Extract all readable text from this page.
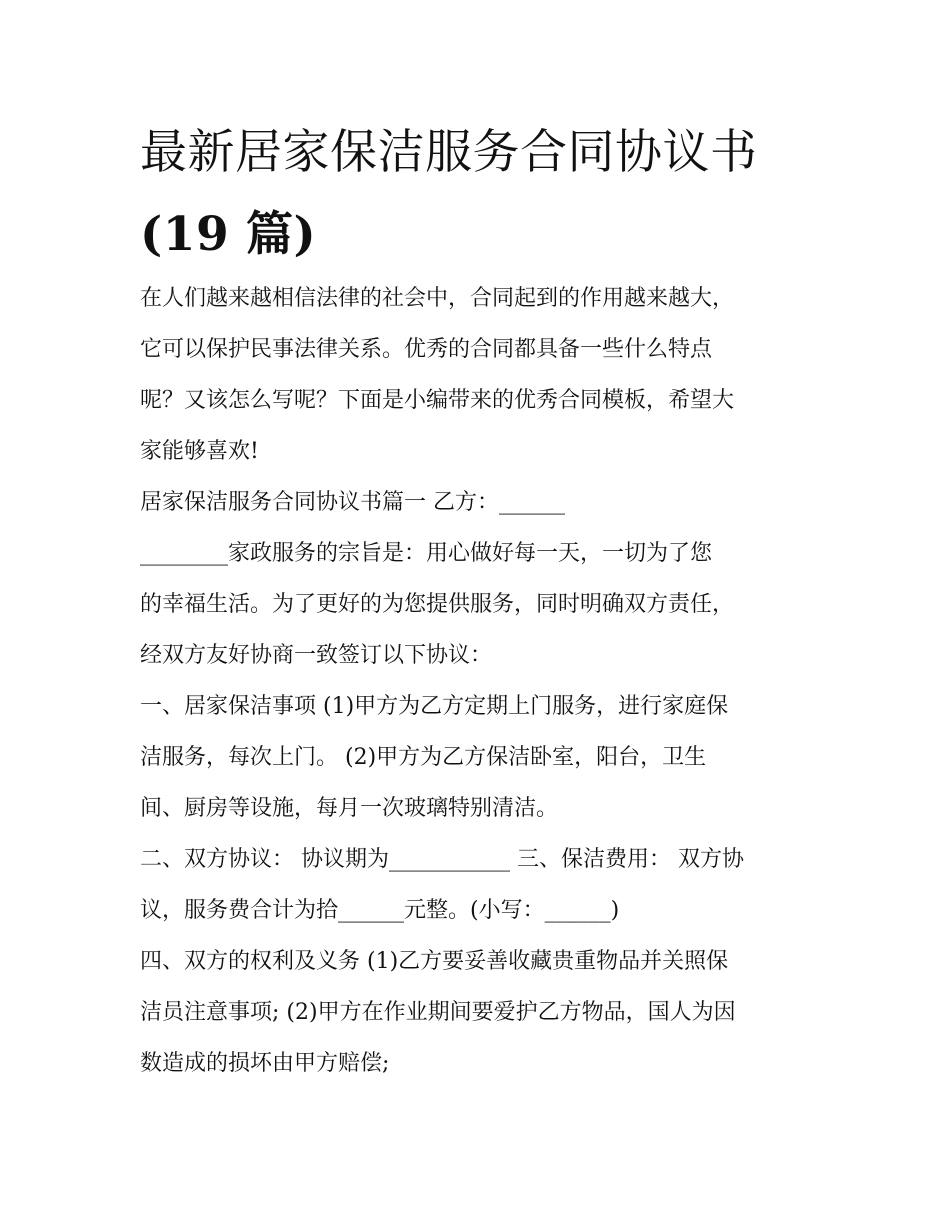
最新居家保洁服务合同协议书
(19 篇)

在人们越来越相信法律的社会中，合同起到的作用越来越大，
它可以保护民事法律关系。优秀的合同都具备一些什么特点
呢？又该怎么写呢？下面是小编带来的优秀合同模板，希望大
家能够喜欢!

居家保洁服务合同协议书篇一 乙方：______
________家政服务的宗旨是：用心做好每一天，一切为了您
的幸福生活。为了更好的为您提供服务，同时明确双方责任，
经双方友好协商一致签订以下协议：

一、居家保洁事项 (1)甲方为乙方定期上门服务，进行家庭保
洁服务，每次上门。 (2)甲方为乙方保洁卧室，阳台，卫生
间、厨房等设施，每月一次玻璃特别清洁。

二、双方协议： 协议期为___________ 三、保洁费用： 双方协
议，服务费合计为拾______元整。(小写：______)

四、双方的权利及义务 (1)乙方要妥善收藏贵重物品并关照保
洁员注意事项; (2)甲方在作业期间要爱护乙方物品，国人为因
数造成的损坏由甲方赔偿;
